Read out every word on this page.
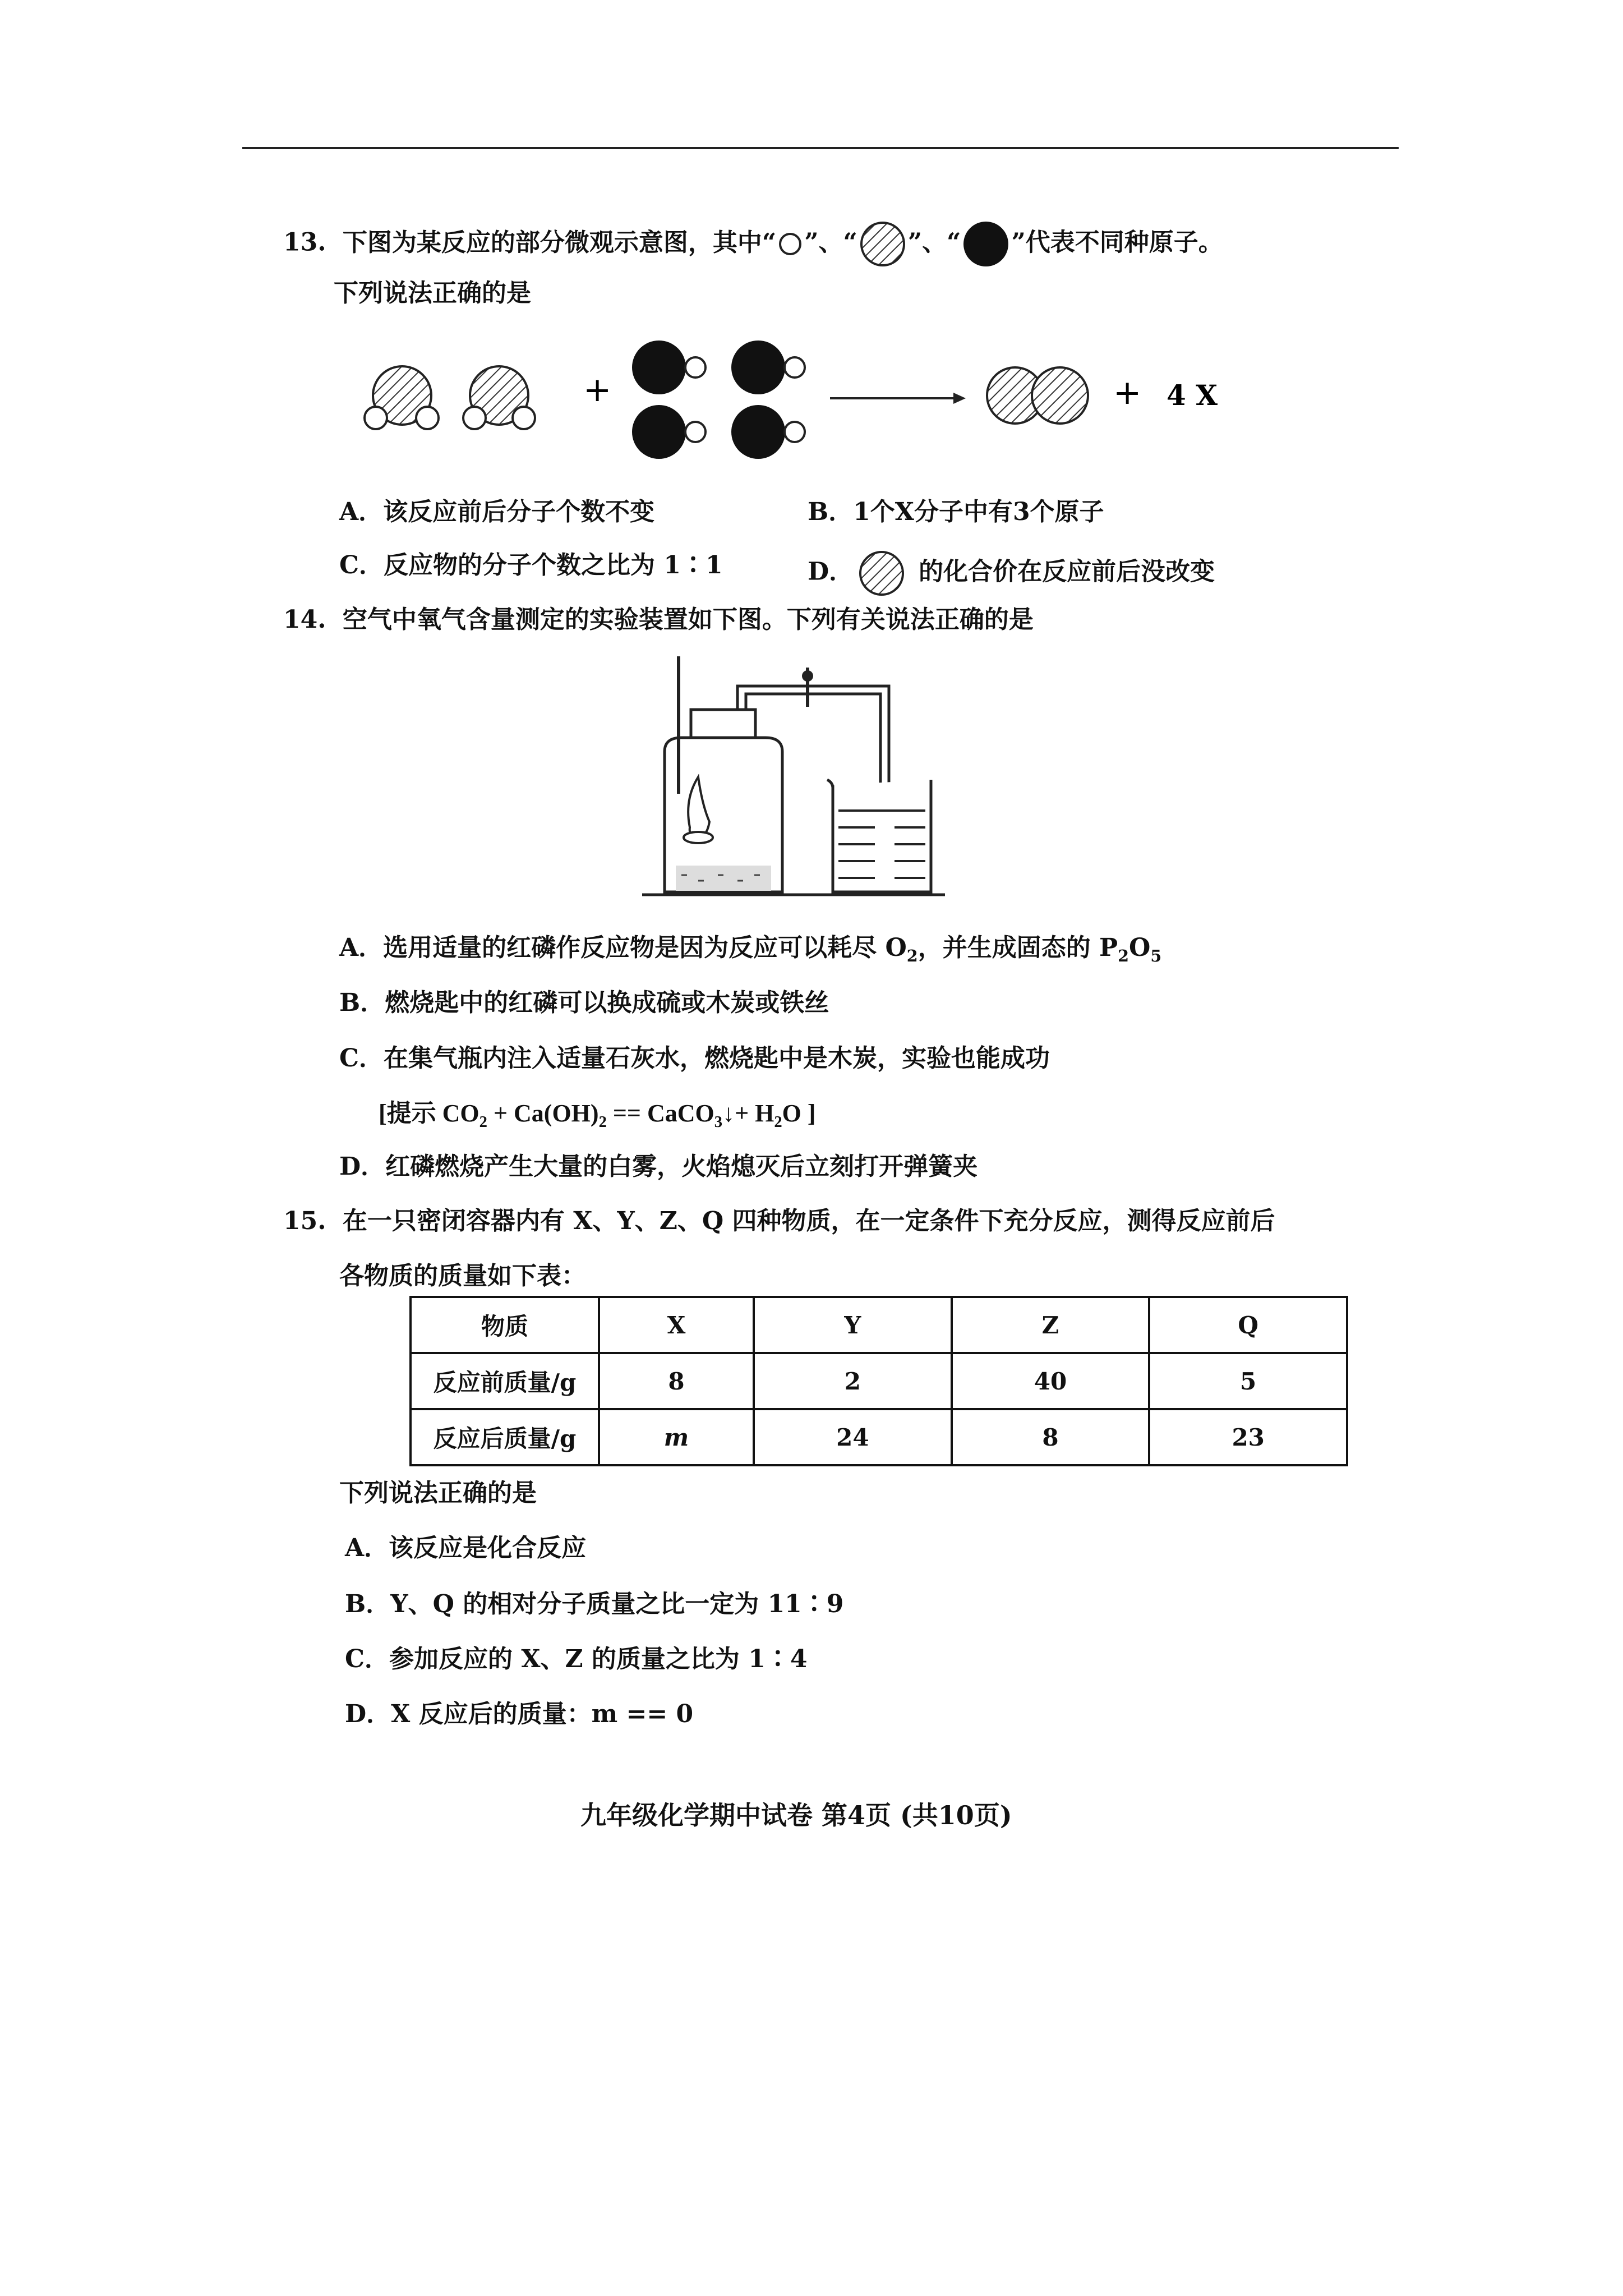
13. 下图为某反应的部分微观示意图，其中“ ”、“ ”、“ ”代表不同种原子。
下列说法正确的是
+	+ 4 X
A．该反应前后分子个数不变	B．1个X分子中有3个原子
C．反应物的分子个数之比为 1∶1	D．	的化合价在反应前后没改变
14. 空气中氧气含量测定的实验装置如下图。下列有关说法正确的是
A．选用适量的红磷作反应物是因为反应可以耗尽 $O_2$，并生成固态的 $P_2O_5$
B．燃烧匙中的红磷可以换成硫或木炭或铁丝
C．在集气瓶内注入适量石灰水，燃烧匙中是木炭，实验也能成功
[提示 $CO_2 + Ca(OH)_2$ == CaCO$_3$↓+ $H_2O$ ]
D．红磷燃烧产生大量的白雾，火焰熄灭后立刻打开弹簧夹
15. 在一只密闭容器内有 X、Y、Z、Q 四种物质，在一定条件下充分反应，测得反应前后
各物质的质量如下表：
物质	X	Y	Z	Q
反应前质量/g	8	2	40	5
反应后质量/g	m	24	8	23
下列说法正确的是
A．该反应是化合反应
B．Y、Q 的相对分子质量之比一定为 11∶9
C．参加反应的 X、Z 的质量之比为 1∶4
D．X 反应后的质量：m == 0
九年级化学期中试卷 第4页 (共10页)
